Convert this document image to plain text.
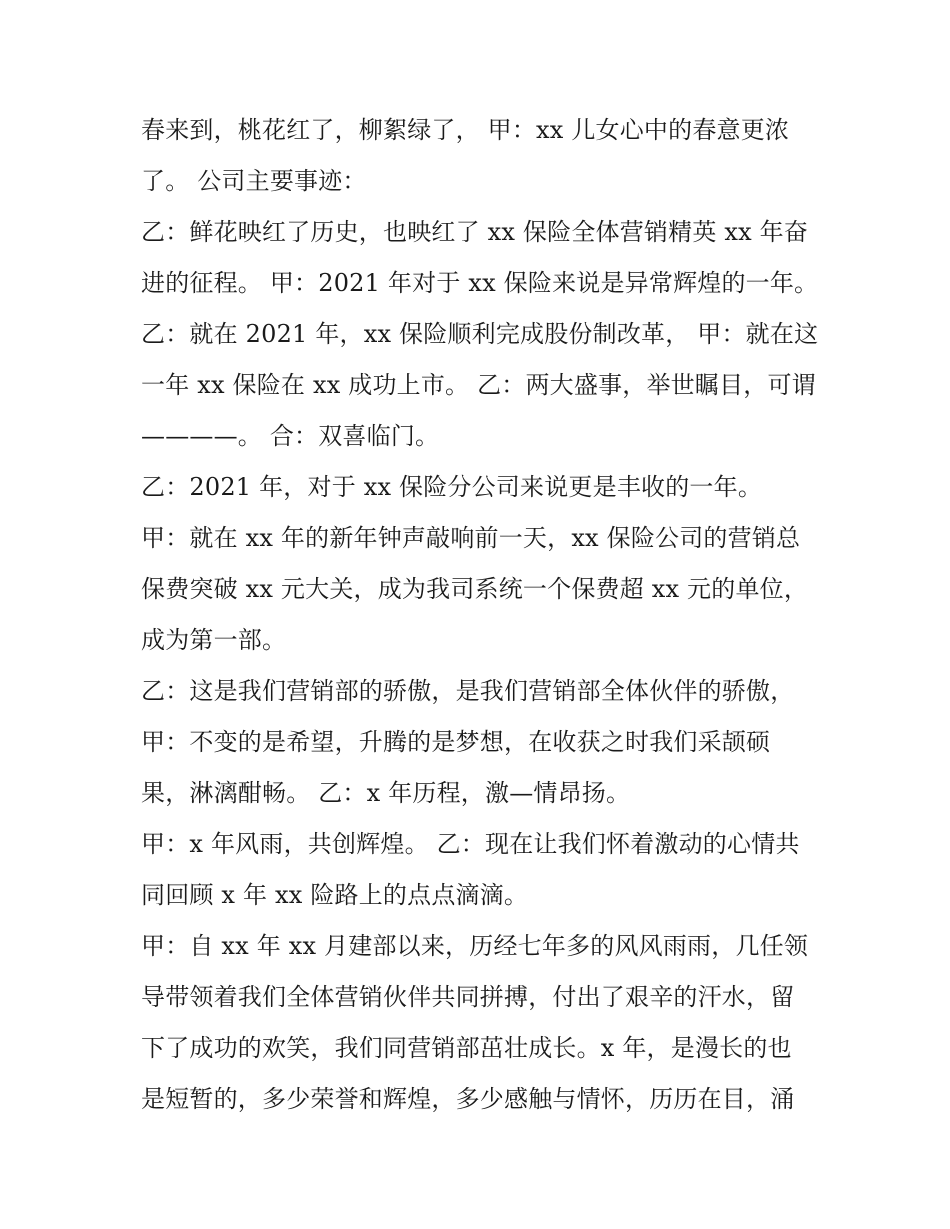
春来到，桃花红了，柳絮绿了， 甲：xx 儿女心中的春意更浓
了。 公司主要事迹：
乙：鲜花映红了历史，也映红了 xx 保险全体营销精英 xx 年奋
进的征程。 甲：2021 年对于 xx 保险来说是异常辉煌的一年。
乙：就在 2021 年，xx 保险顺利完成股份制改革， 甲：就在这
一年 xx 保险在 xx 成功上市。 乙：两大盛事，举世瞩目，可谓
————。 合：双喜临门。
乙：2021 年，对于 xx 保险分公司来说更是丰收的一年。
甲：就在 xx 年的新年钟声敲响前一天，xx 保险公司的营销总
保费突破 xx 元大关，成为我司系统一个保费超 xx 元的单位，
成为第一部。
乙：这是我们营销部的骄傲，是我们营销部全体伙伴的骄傲，
甲：不变的是希望，升腾的是梦想，在收获之时我们采颉硕
果，淋漓酣畅。 乙：x 年历程，激—情昂扬。
甲：x 年风雨，共创辉煌。 乙：现在让我们怀着激动的心情共
同回顾 x 年 xx 险路上的点点滴滴。
甲：自 xx 年 xx 月建部以来，历经七年多的风风雨雨，几任领
导带领着我们全体营销伙伴共同拼搏，付出了艰辛的汗水，留
下了成功的欢笑，我们同营销部茁壮成长。x 年，是漫长的也
是短暂的，多少荣誉和辉煌，多少感触与情怀，历历在目，涌
